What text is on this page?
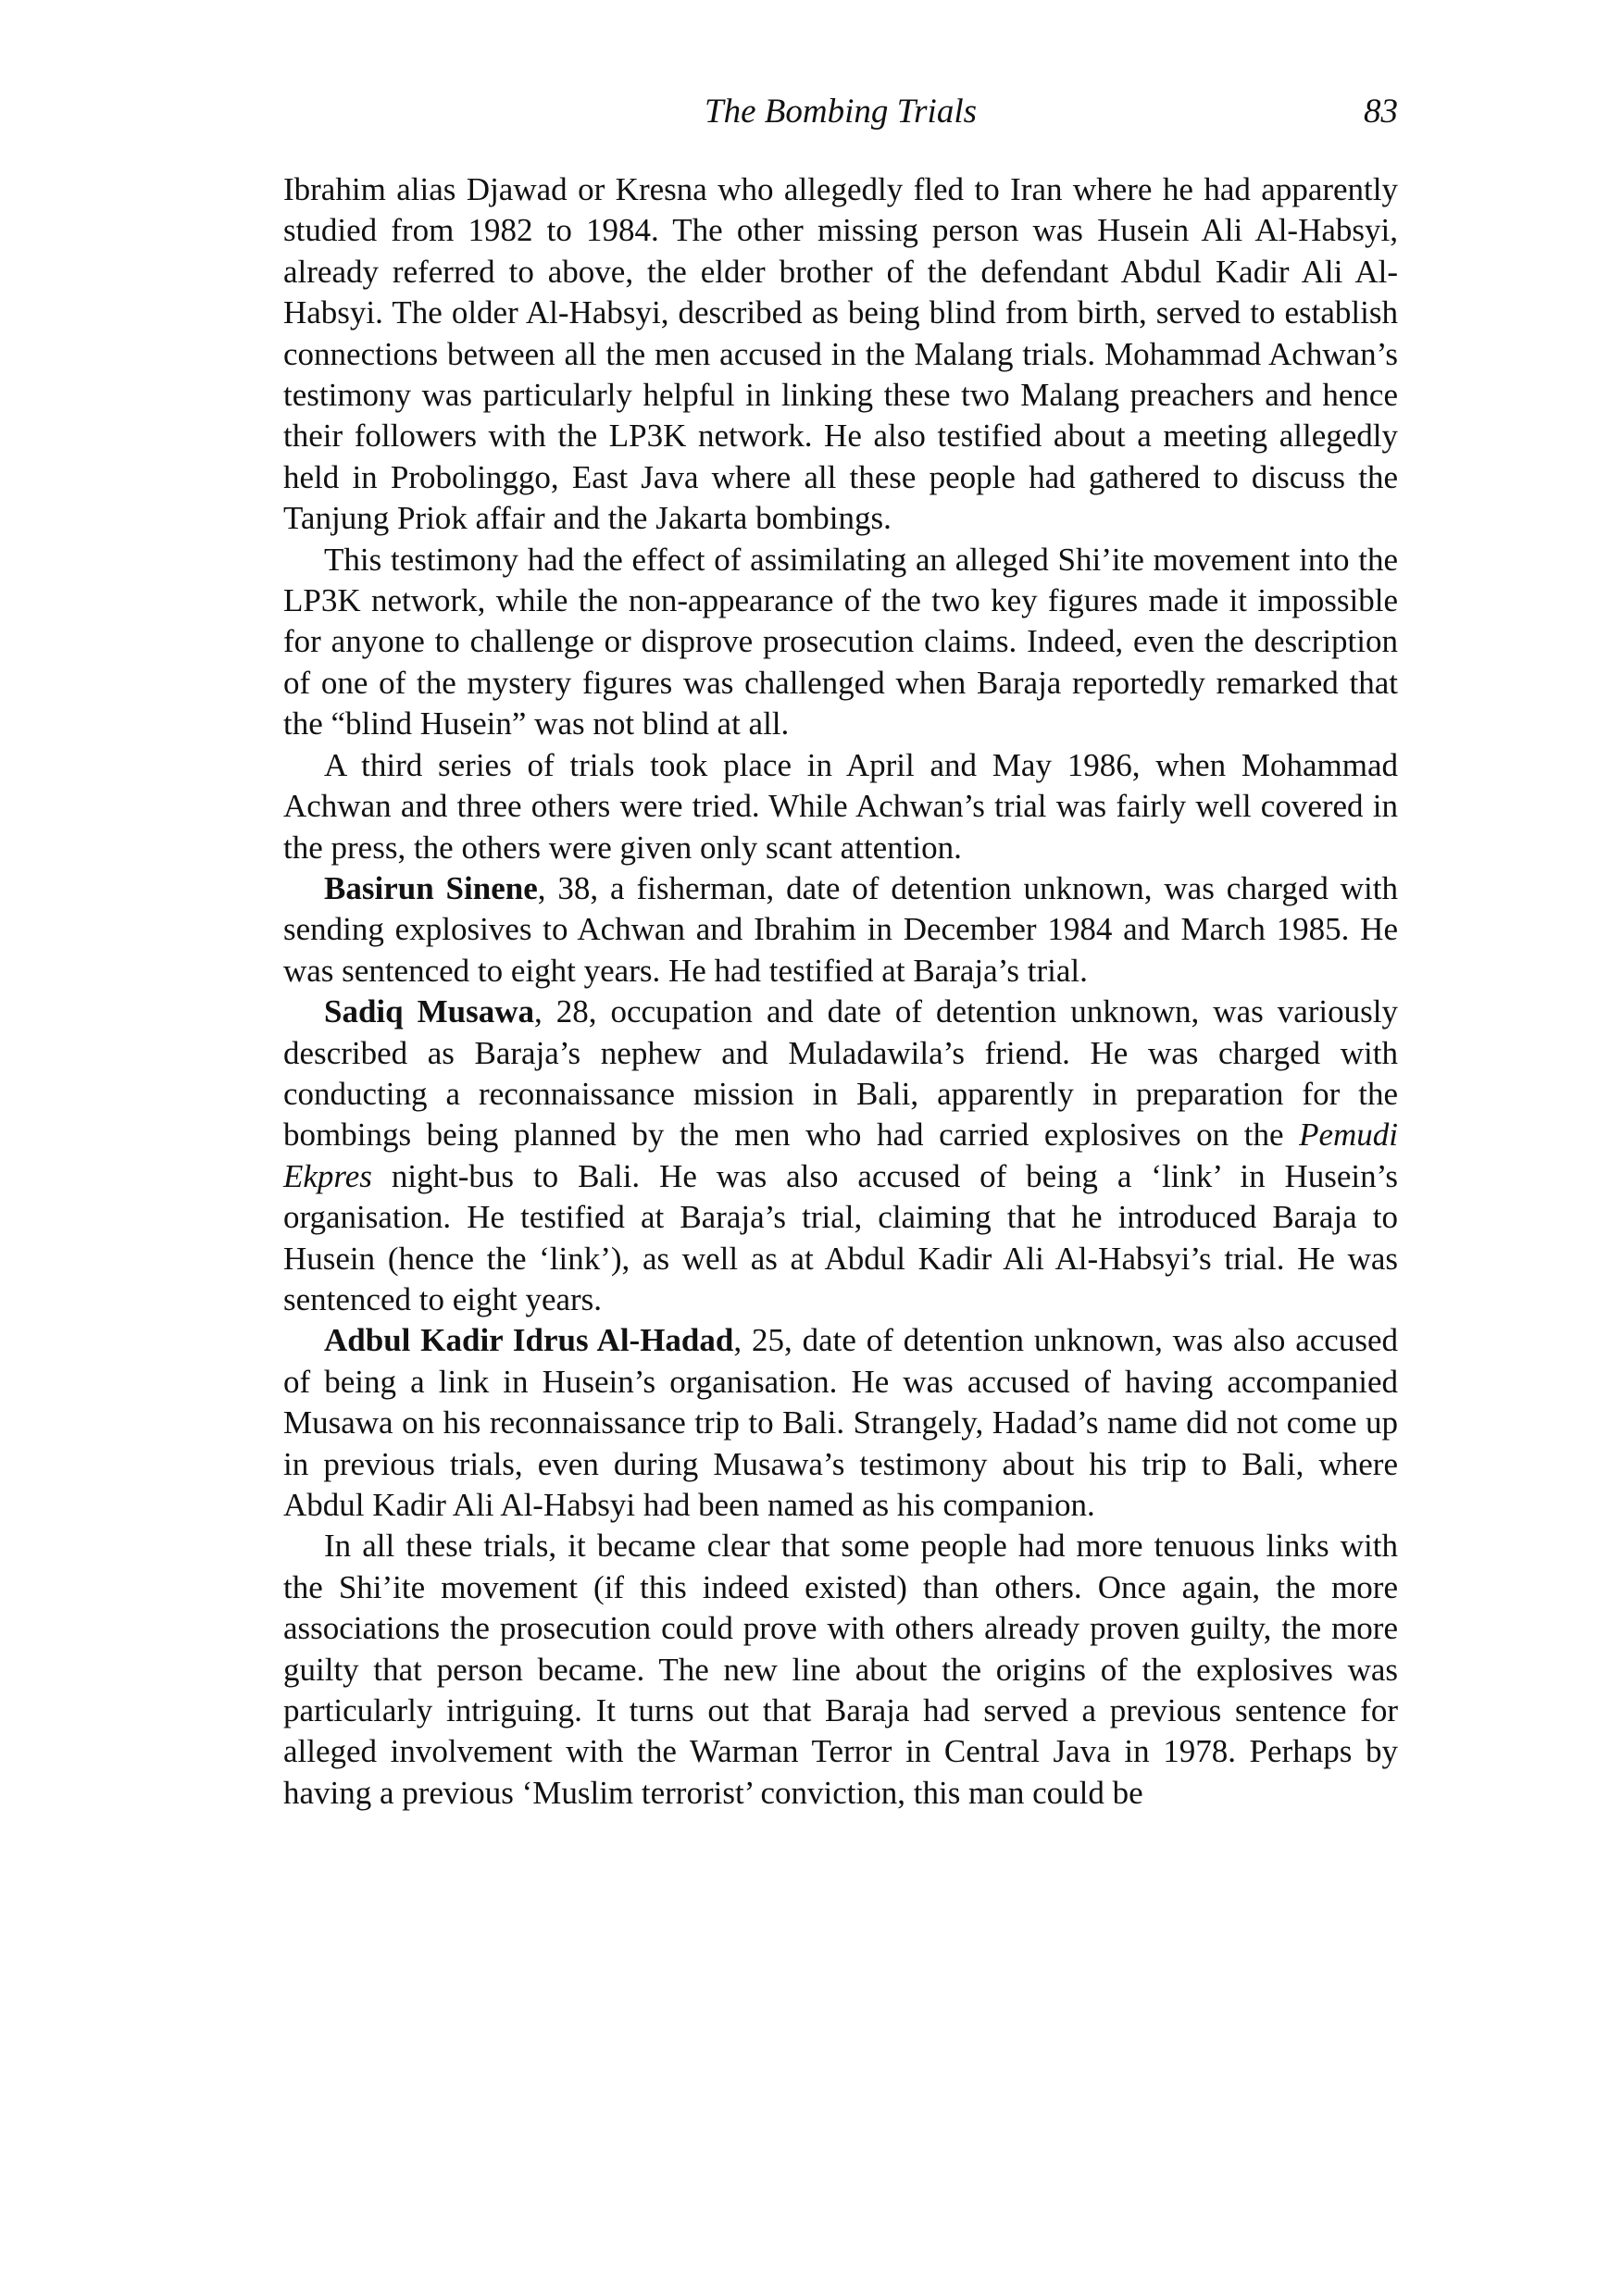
The Bombing Trials	83

Ibrahim alias Djawad or Kresna who allegedly fled to Iran where he had apparently studied from 1982 to 1984. The other missing person was Husein Ali Al-Habsyi, already referred to above, the elder brother of the defendant Abdul Kadir Ali Al-Habsyi. The older Al-Habsyi, described as being blind from birth, served to establish connections between all the men accused in the Malang trials. Mohammad Achwan’s testimony was particularly helpful in linking these two Malang preachers and hence their followers with the LP3K network. He also testified about a meeting allegedly held in Probolinggo, East Java where all these people had gathered to discuss the Tanjung Priok affair and the Jakarta bombings.

This testimony had the effect of assimilating an alleged Shi’ite movement into the LP3K network, while the non-appearance of the two key figures made it impossible for anyone to challenge or disprove prosecution claims. Indeed, even the description of one of the mystery figures was challenged when Baraja reportedly remarked that the “blind Husein” was not blind at all.

A third series of trials took place in April and May 1986, when Mohammad Achwan and three others were tried. While Achwan’s trial was fairly well covered in the press, the others were given only scant attention.

Basirun Sinene, 38, a fisherman, date of detention unknown, was charged with sending explosives to Achwan and Ibrahim in December 1984 and March 1985. He was sentenced to eight years. He had testified at Baraja’s trial.

Sadiq Musawa, 28, occupation and date of detention unknown, was variously described as Baraja’s nephew and Muladawila’s friend. He was charged with conducting a reconnaissance mission in Bali, apparently in preparation for the bombings being planned by the men who had carried explosives on the Pemudi Ekpres night-bus to Bali. He was also accused of being a ‘link’ in Husein’s organisation. He testified at Baraja’s trial, claiming that he introduced Baraja to Husein (hence the ‘link’), as well as at Abdul Kadir Ali Al-Habsyi’s trial. He was sentenced to eight years.

Adbul Kadir Idrus Al-Hadad, 25, date of detention unknown, was also accused of being a link in Husein’s organisation. He was accused of having accompanied Musawa on his reconnaissance trip to Bali. Strangely, Hadad’s name did not come up in previous trials, even during Musawa’s testimony about his trip to Bali, where Abdul Kadir Ali Al-Habsyi had been named as his companion.

In all these trials, it became clear that some people had more tenuous links with the Shi’ite movement (if this indeed existed) than others. Once again, the more associations the prosecution could prove with others already proven guilty, the more guilty that person became. The new line about the origins of the explosives was particularly intriguing. It turns out that Baraja had served a previous sentence for alleged involvement with the Warman Terror in Central Java in 1978. Perhaps by having a previous ‘Muslim terrorist’ conviction, this man could be
